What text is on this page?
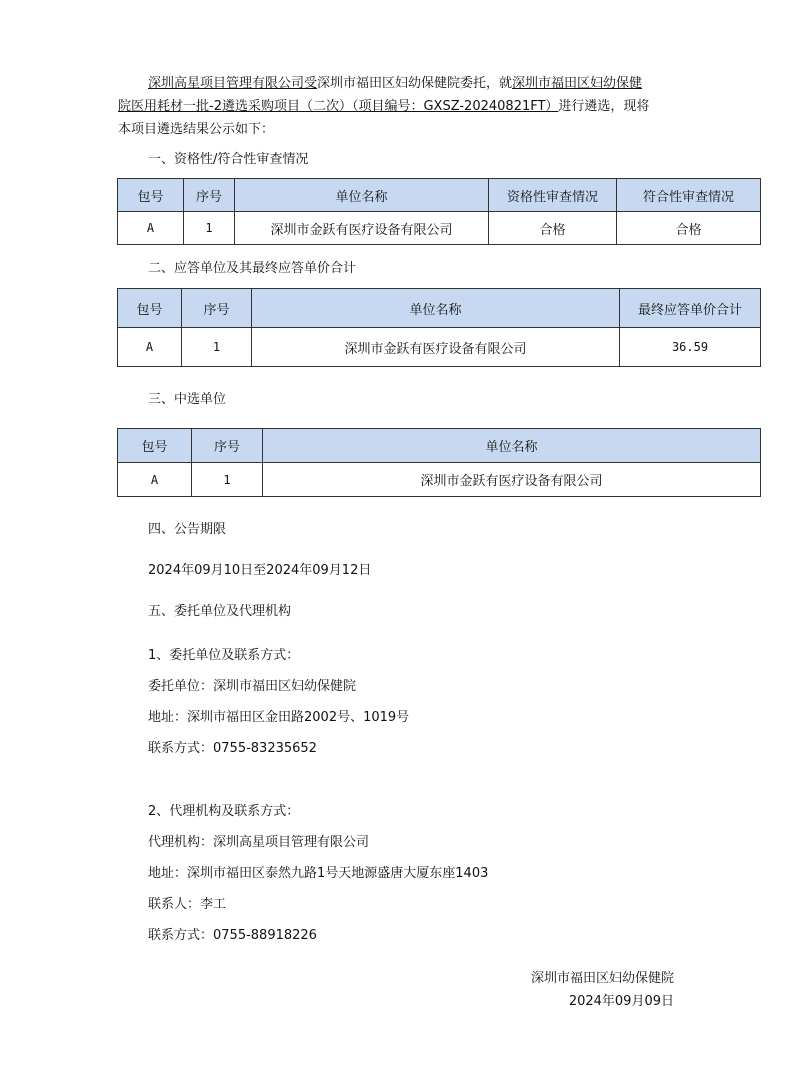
深圳高星项目管理有限公司受深圳市福田区妇幼保健院委托，就深圳市福田区妇幼保健
院医用耗材一批-2遴选采购项目（二次）（项目编号：GXSZ-20240821FT）进行遴选，现将
本项目遴选结果公示如下：
一、资格性/符合性审查情况
包号	序号	单位名称	资格性审查情况	符合性审查情况
A	1	深圳市金跃有医疗设备有限公司	合格	合格
二、应答单位及其最终应答单价合计
包号	序号	单位名称	最终应答单价合计
A	1	深圳市金跃有医疗设备有限公司	36.59
三、中选单位
包号	序号	单位名称
A	1	深圳市金跃有医疗设备有限公司
四、公告期限
2024年09月10日至2024年09月12日
五、委托单位及代理机构
1、委托单位及联系方式：
委托单位：深圳市福田区妇幼保健院
地址：深圳市福田区金田路2002号、1019号
联系方式：0755-83235652
2、代理机构及联系方式：
代理机构：深圳高星项目管理有限公司
地址：深圳市福田区泰然九路1号天地源盛唐大厦东座1403
联系人：李工
联系方式：0755-88918226
深圳市福田区妇幼保健院
2024年09月09日
